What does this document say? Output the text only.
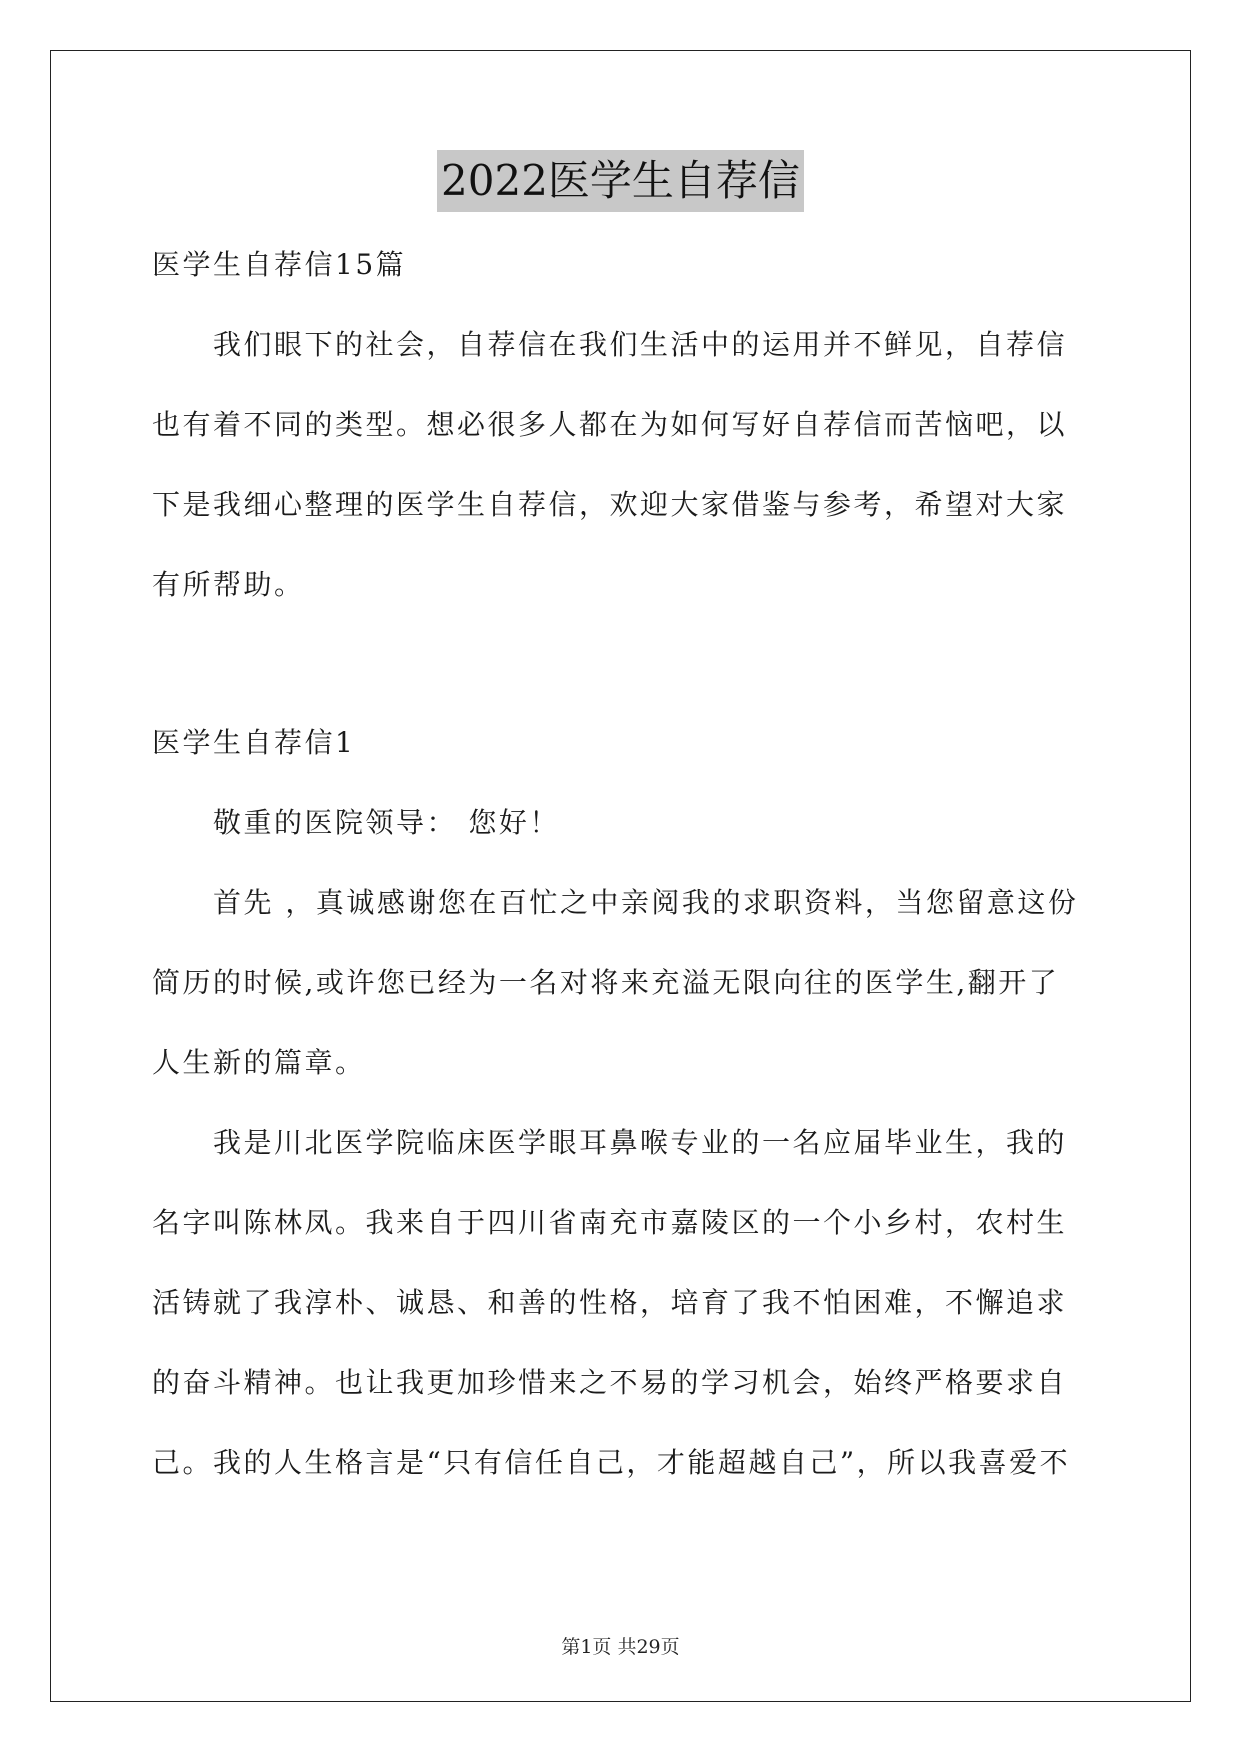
2022医学生自荐信
医学生自荐信15篇
我们眼下的社会，自荐信在我们生活中的运用并不鲜见，自荐信
也有着不同的类型。想必很多人都在为如何写好自荐信而苦恼吧，以
下是我细心整理的医学生自荐信，欢迎大家借鉴与参考，希望对大家
有所帮助。
医学生自荐信1
敬重的医院领导： 您好！
首先 ，真诚感谢您在百忙之中亲阅我的求职资料，当您留意这份
简历的时候,或许您已经为一名对将来充溢无限向往的医学生,翻开了
人生新的篇章。
我是川北医学院临床医学眼耳鼻喉专业的一名应届毕业生，我的
名字叫陈林凤。我来自于四川省南充市嘉陵区的一个小乡村，农村生
活铸就了我淳朴、诚恳、和善的性格，培育了我不怕困难，不懈追求
的奋斗精神。也让我更加珍惜来之不易的学习机会，始终严格要求自
己。我的人生格言是“只有信任自己，才能超越自己”，所以我喜爱不
第1页 共29页
